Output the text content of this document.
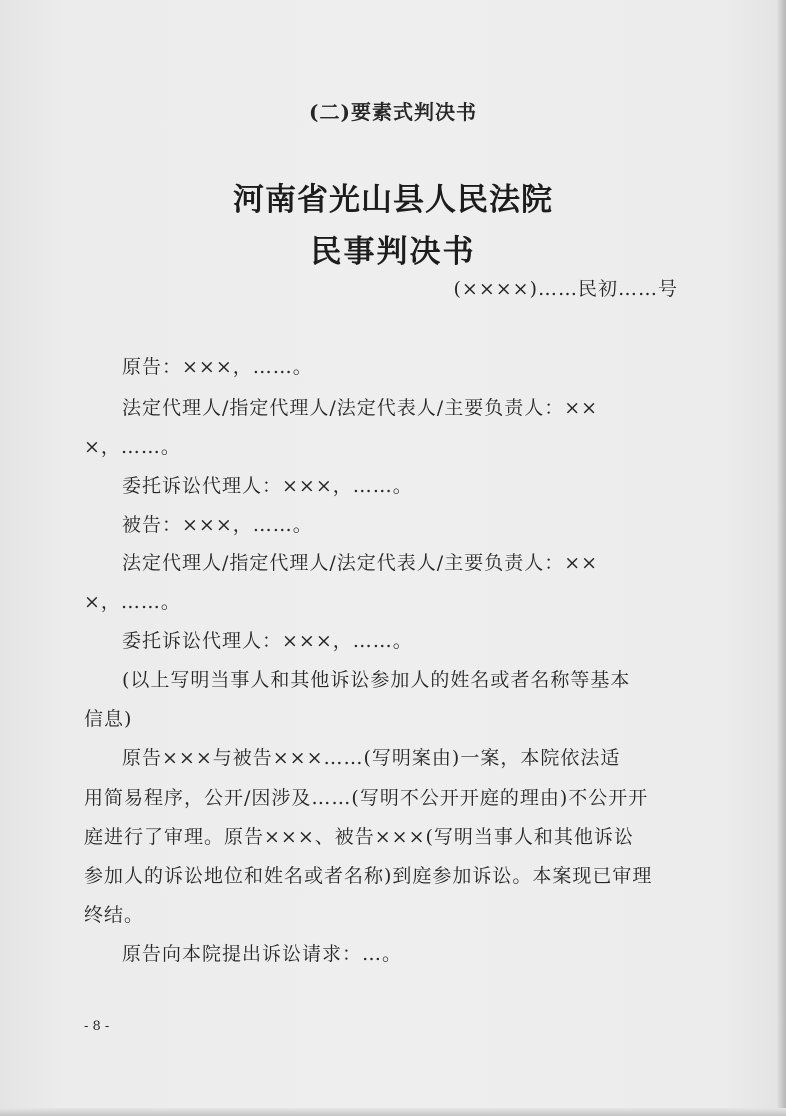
(二)要素式判决书
河南省光山县人民法院
民事判决书
(××××)……民初……号
原告：×××，……。
法定代理人/指定代理人/法定代表人/主要负责人：××
×，……。
委托诉讼代理人：×××，……。
被告：×××，……。
法定代理人/指定代理人/法定代表人/主要负责人：××
×，……。
委托诉讼代理人：×××，……。
(以上写明当事人和其他诉讼参加人的姓名或者名称等基本
信息)
原告×××与被告×××……(写明案由)一案，本院依法适
用简易程序，公开/因涉及……(写明不公开开庭的理由)不公开开
庭进行了审理。原告×××、被告×××(写明当事人和其他诉讼
参加人的诉讼地位和姓名或者名称)到庭参加诉讼。本案现已审理
终结。
原告向本院提出诉讼请求：…。
- 8 -
